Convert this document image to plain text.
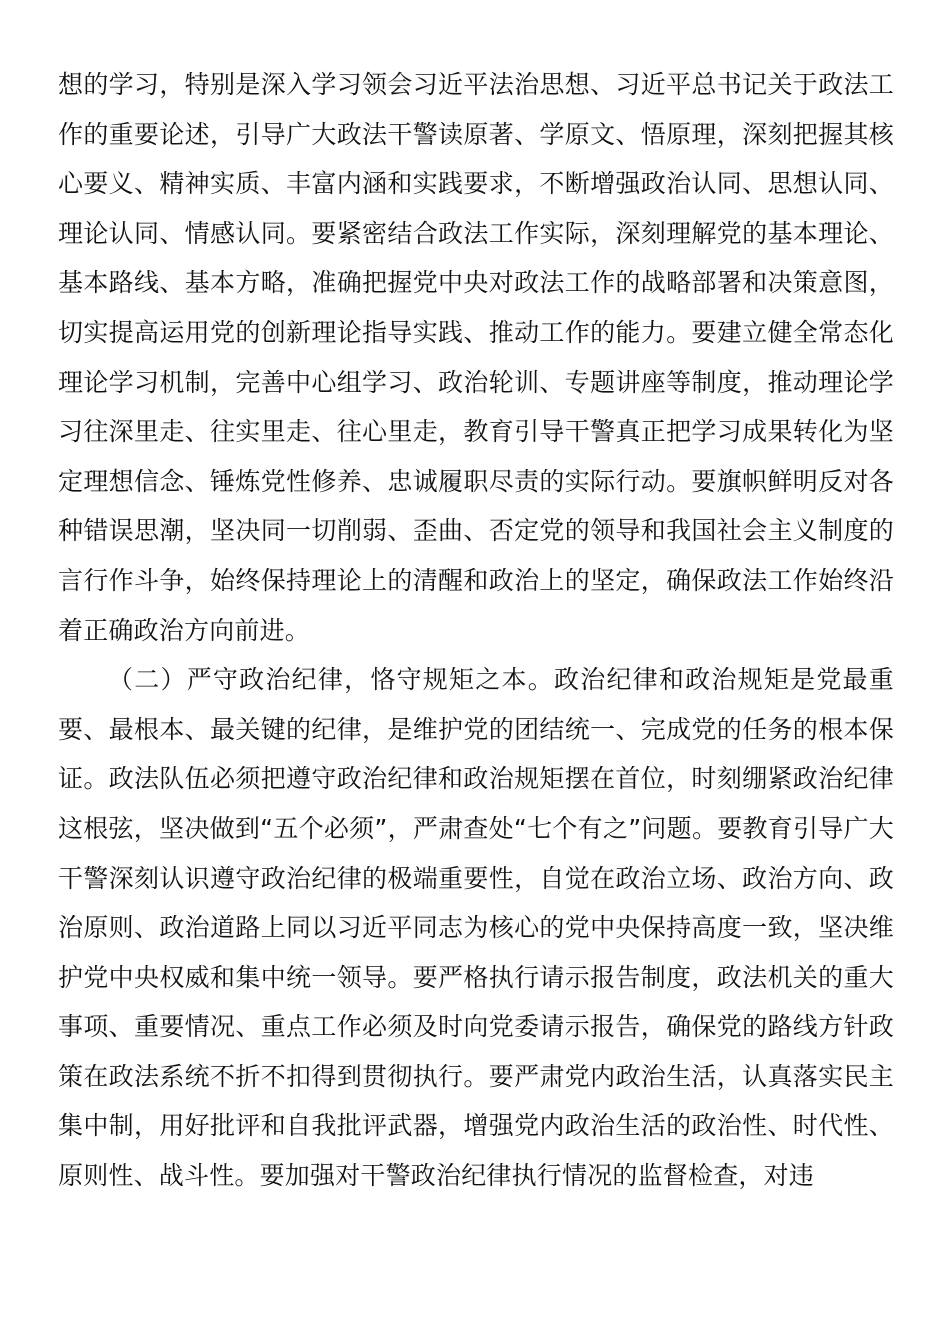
想的学习，特别是深入学习领会习近平法治思想、习近平总书记关于政法工作的重要论述，引导广大政法干警读原著、学原文、悟原理，深刻把握其核心要义、精神实质、丰富内涵和实践要求，不断增强政治认同、思想认同、理论认同、情感认同。要紧密结合政法工作实际，深刻理解党的基本理论、基本路线、基本方略，准确把握党中央对政法工作的战略部署和决策意图，切实提高运用党的创新理论指导实践、推动工作的能力。要建立健全常态化理论学习机制，完善中心组学习、政治轮训、专题讲座等制度，推动理论学习往深里走、往实里走、往心里走，教育引导干警真正把学习成果转化为坚定理想信念、锤炼党性修养、忠诚履职尽责的实际行动。要旗帜鲜明反对各种错误思潮，坚决同一切削弱、歪曲、否定党的领导和我国社会主义制度的言行作斗争，始终保持理论上的清醒和政治上的坚定，确保政法工作始终沿着正确政治方向前进。

（二）严守政治纪律，恪守规矩之本。政治纪律和政治规矩是党最重要、最根本、最关键的纪律，是维护党的团结统一、完成党的任务的根本保证。政法队伍必须把遵守政治纪律和政治规矩摆在首位，时刻绷紧政治纪律这根弦，坚决做到“五个必须”，严肃查处“七个有之”问题。要教育引导广大干警深刻认识遵守政治纪律的极端重要性，自觉在政治立场、政治方向、政治原则、政治道路上同以习近平同志为核心的党中央保持高度一致，坚决维护党中央权威和集中统一领导。要严格执行请示报告制度，政法机关的重大事项、重要情况、重点工作必须及时向党委请示报告，确保党的路线方针政策在政法系统不折不扣得到贯彻执行。要严肃党内政治生活，认真落实民主集中制，用好批评和自我批评武器，增强党内政治生活的政治性、时代性、原则性、战斗性。要加强对干警政治纪律执行情况的监督检查，对违
